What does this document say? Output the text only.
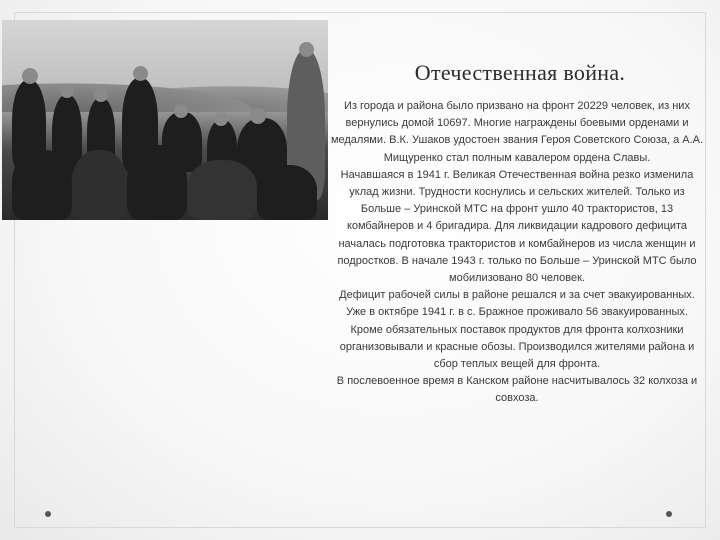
Отечественная война.

Из города и района было призвано на фронт 20229 человек, из них вернулись домой 10697. Многие награждены боевыми орденами и медалями. В.К. Ушаков удостоен звания Героя Советского Союза, а А.А. Мищуренко стал полным кавалером ордена Славы.

Начавшаяся в 1941 г. Великая Отечественная война резко изменила уклад жизни. Трудности коснулись и сельских жителей. Только из Больше – Уринской МТС на фронт ушло 40 трактористов, 13 комбайнеров и 4 бригадира. Для ликвидации кадрового дефицита началась подготовка трактористов и комбайнеров из числа женщин и подростков. В начале 1943 г. только по Больше – Уринской МТС было мобилизовано 80 человек.

Дефицит рабочей силы в районе решался и за счет эвакуированных. Уже в октябре 1941 г. в с. Бражное проживало 56 эвакуированных.

Кроме обязательных поставок продуктов для фронта колхозники организовывали и красные обозы. Производился жителями района и сбор теплых вещей для фронта.

В послевоенное время в Канском районе насчитывалось 32 колхоза и совхоза.
